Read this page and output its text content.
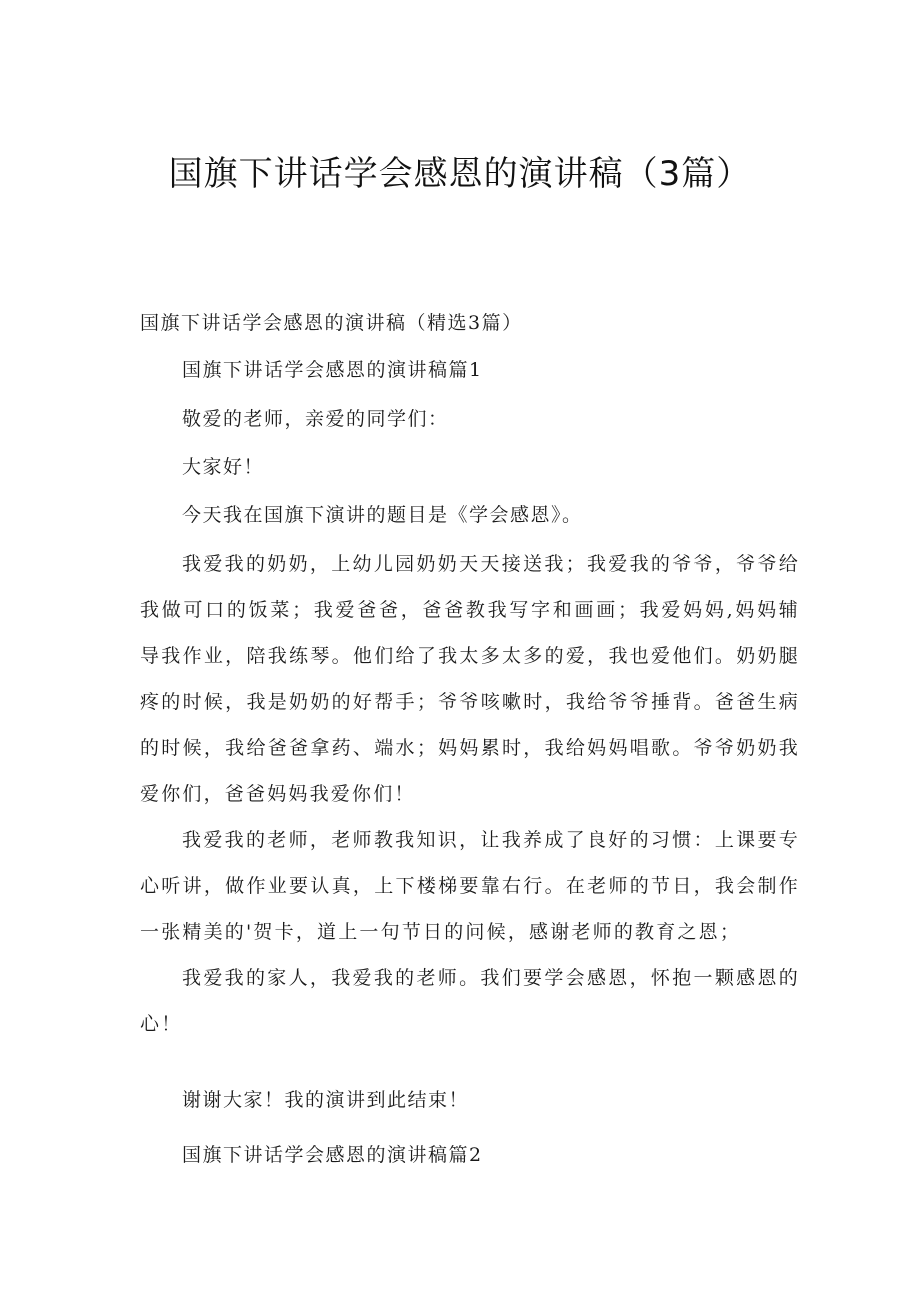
国旗下讲话学会感恩的演讲稿（3篇）
国旗下讲话学会感恩的演讲稿（精选3篇）
国旗下讲话学会感恩的演讲稿篇1
敬爱的老师，亲爱的同学们：
大家好！
今天我在国旗下演讲的题目是《学会感恩》。
我爱我的奶奶，上幼儿园奶奶天天接送我；我爱我的爷爷，爷爷给我做可口的饭菜；我爱爸爸，爸爸教我写字和画画；我爱妈妈,妈妈辅导我作业，陪我练琴。他们给了我太多太多的爱，我也爱他们。奶奶腿疼的时候，我是奶奶的好帮手；爷爷咳嗽时，我给爷爷捶背。爸爸生病的时候，我给爸爸拿药、端水；妈妈累时，我给妈妈唱歌。爷爷奶奶我爱你们，爸爸妈妈我爱你们！
我爱我的老师，老师教我知识，让我养成了良好的习惯：上课要专心听讲，做作业要认真，上下楼梯要靠右行。在老师的节日，我会制作一张精美的'贺卡，道上一句节日的问候，感谢老师的教育之恩；
我爱我的家人，我爱我的老师。我们要学会感恩，怀抱一颗感恩的心！
谢谢大家！我的演讲到此结束！
国旗下讲话学会感恩的演讲稿篇2
